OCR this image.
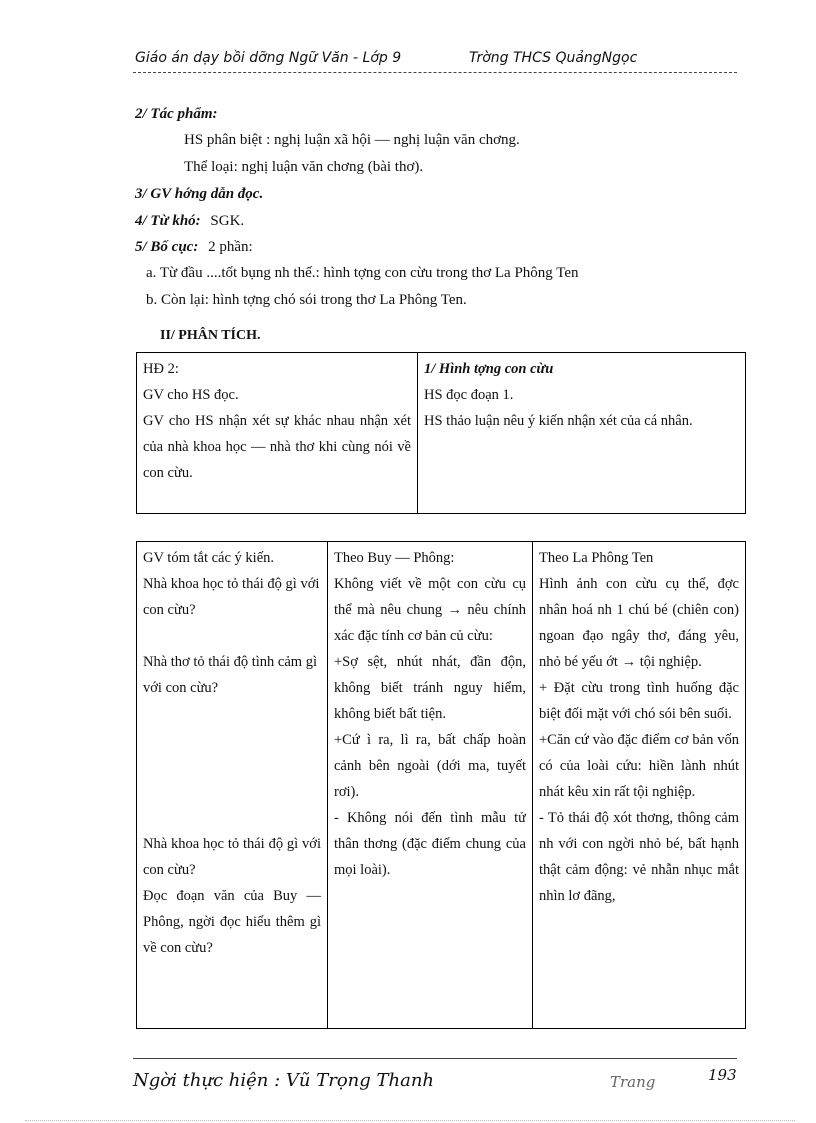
Giáo án dạy bồi dỡng Ngữ Văn - Lớp 9	Trờng THCS QuảngNgọc
2/ Tác phẩm:
HS phân biệt : nghị luận xã hội — nghị luận văn chơng.
Thể loại: nghị luận văn chơng (bài thơ).
3/ GV hớng dẫn đọc.
4/ Từ khó: SGK.
5/ Bố cục: 2 phần:
a. Từ đầu ....tốt bụng nh thế.: hình tợng con cừu trong thơ La Phông Ten
b. Còn lại: hình tợng chó sói trong thơ La Phông Ten.
II/ PHÂN TÍCH.
HĐ 2:
GV cho HS đọc.
GV cho HS nhận xét sự khác nhau nhận xét của nhà khoa học — nhà thơ khi cùng nói về con cừu.

1/ Hình tợng con cừu
HS đọc đoạn 1.
HS thảo luận nêu ý kiến nhận xét của cá nhân.
GV tóm tắt các ý kiến.
Nhà khoa học tỏ thái độ gì với con cừu?
Nhà thơ tỏ thái độ tình cảm gì với con cừu?
Nhà khoa học tỏ thái độ gì với con cừu?
Đọc đoạn văn của Buy — Phông, ngời đọc hiểu thêm gì về con cừu?

Theo Buy — Phông:
Không viết về một con cừu cụ thể mà nêu chung → nêu chính xác đặc tính cơ bản củ cừu:
+Sợ sệt, nhút nhát, đần độn, không biết tránh nguy hiểm, không biết bất tiện.
+Cứ ì ra, lì ra, bất chấp hoàn cảnh bên ngoài (dới ma, tuyết rơi).
- Không nói đến tình mẫu tử thân thơng (đặc điểm chung của mọi loài).

Theo La Phông Ten
Hình ảnh con cừu cụ thể, đợc nhân hoá nh 1 chú bé (chiên con) ngoan đạo ngây thơ, đáng yêu, nhỏ bé yếu ớt → tội nghiệp.
+ Đặt cừu trong tình huống đặc biệt đối mặt với chó sói bên suối.
+Căn cứ vào đặc điểm cơ bản vốn có của loài cứu: hiền lành nhút nhát kêu xin rất tội nghiệp.
- Tỏ thái độ xót thơng, thông cảm nh với con ngời nhỏ bé, bất hạnh thật cảm động: vẻ nhẫn nhục mắt nhìn lơ đãng,
Ngời thực hiện : Vũ Trọng Thanh	Trang	193
